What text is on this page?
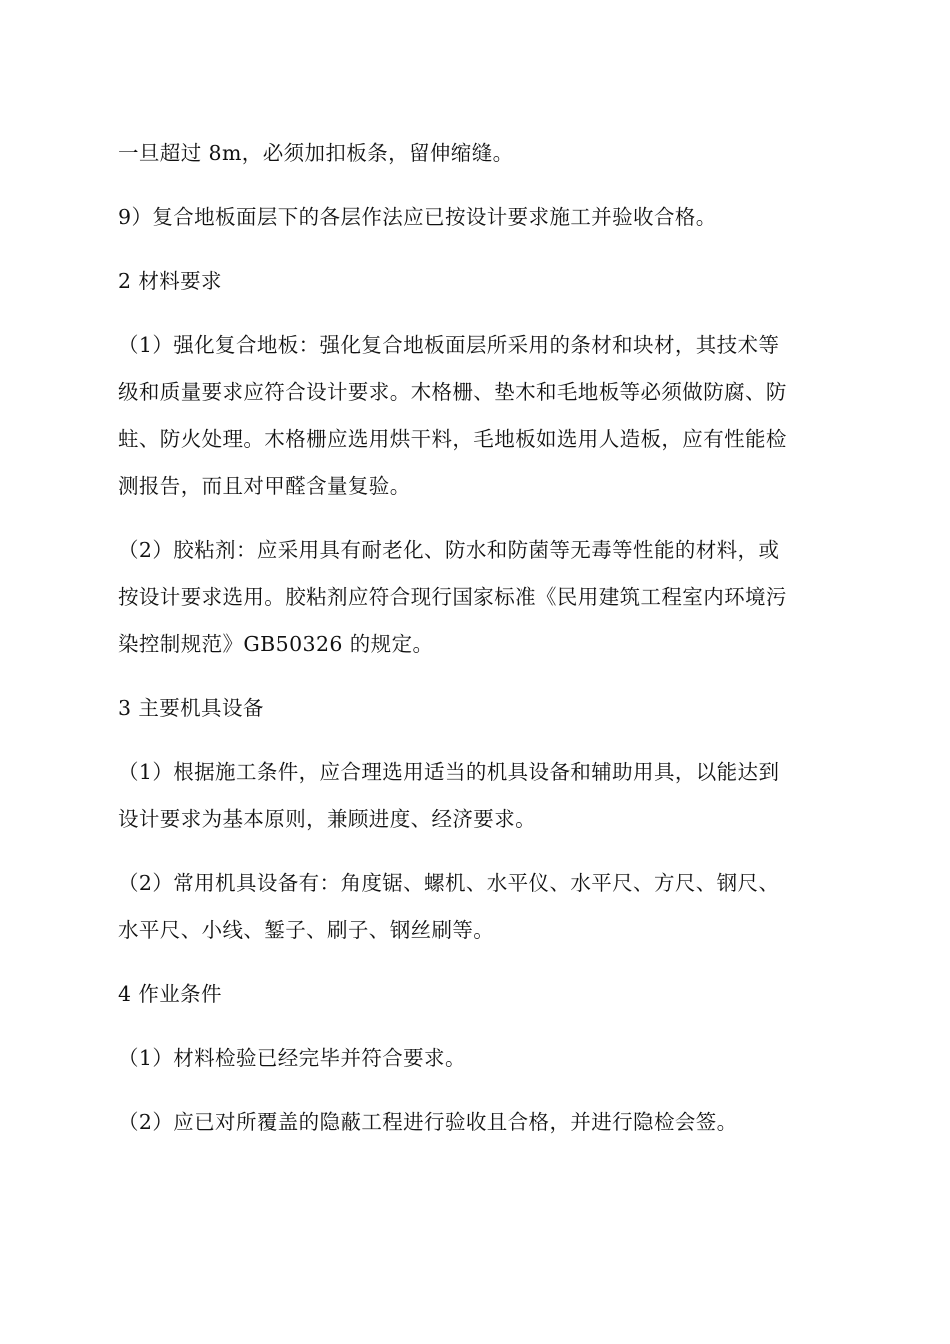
一旦超过 8m，必须加扣板条，留伸缩缝。
9）复合地板面层下的各层作法应已按设计要求施工并验收合格。
2 材料要求
（1）强化复合地板：强化复合地板面层所采用的条材和块材，其技术等
级和质量要求应符合设计要求。木格栅、垫木和毛地板等必须做防腐、防
蛀、防火处理。木格栅应选用烘干料，毛地板如选用人造板，应有性能检
测报告，而且对甲醛含量复验。
（2）胶粘剂：应采用具有耐老化、防水和防菌等无毒等性能的材料，或
按设计要求选用。胶粘剂应符合现行国家标准《民用建筑工程室内环境污
染控制规范》GB50326 的规定。
3 主要机具设备
（1）根据施工条件，应合理选用适当的机具设备和辅助用具，以能达到
设计要求为基本原则，兼顾进度、经济要求。
（2）常用机具设备有：角度锯、螺机、水平仪、水平尺、方尺、钢尺、
水平尺、小线、錾子、刷子、钢丝刷等。
4 作业条件
（1）材料检验已经完毕并符合要求。
（2）应已对所覆盖的隐蔽工程进行验收且合格，并进行隐检会签。
